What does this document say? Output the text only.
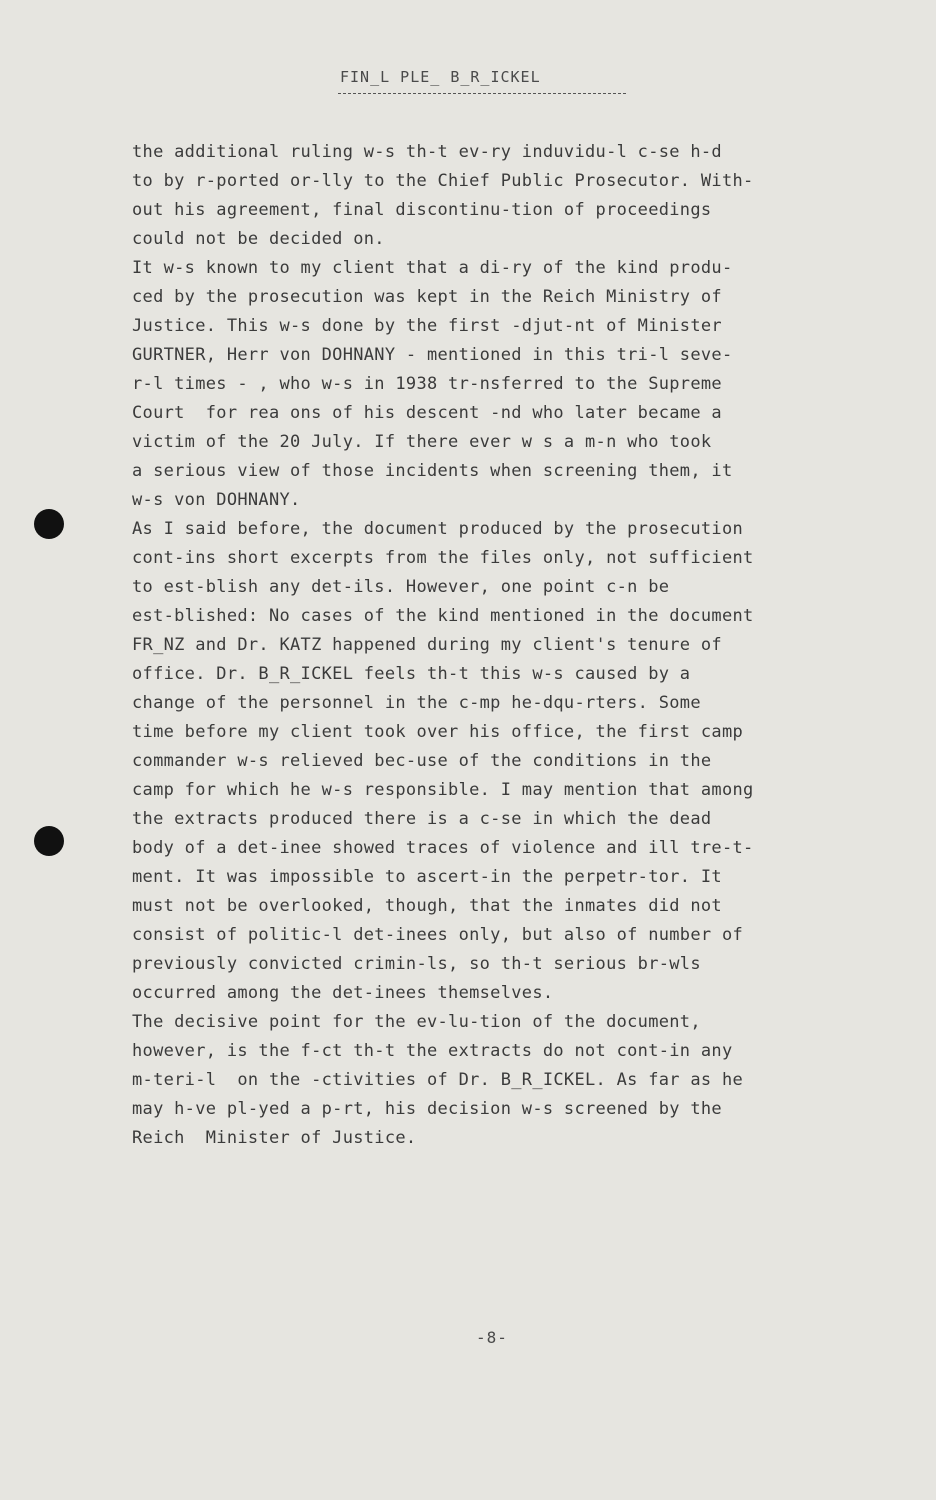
FIN_L PLE_ B_R_ICKEL
the additional ruling w-s th-t ev-ry induvidu-l c-se h-d
to by r-ported or-lly to the Chief Public Prosecutor. With-
out his agreement, final discontinu-tion of proceedings
could not be decided on.
It w-s known to my client that a di-ry of the kind produ-
ced by the prosecution was kept in the Reich Ministry of
Justice. This w-s done by the first -djut-nt of Minister
GURTNER, Herr von DOHNANY - mentioned in this tri-l seve-
r-l times - , who w-s in 1938 tr-nsferred to the Supreme
Court  for rea ons of his descent -nd who later became a
victim of the 20 July. If there ever w s a m-n who took
a serious view of those incidents when screening them, it
w-s von DOHNANY.
As I said before, the document produced by the prosecution
cont-ins short excerpts from the files only, not sufficient
to est-blish any det-ils. However, one point c-n be
est-blished: No cases of the kind mentioned in the document
FR_NZ and Dr. KATZ happened during my client's tenure of
office. Dr. B_R_ICKEL feels th-t this w-s caused by a
change of the personnel in the c-mp he-dqu-rters. Some
time before my client took over his office, the first camp
commander w-s relieved bec-use of the conditions in the
camp for which he w-s responsible. I may mention that among
the extracts produced there is a c-se in which the dead
body of a det-inee showed traces of violence and ill tre-t-
ment. It was impossible to ascert-in the perpetr-tor. It
must not be overlooked, though, that the inmates did not
consist of politic-l det-inees only, but also of number of
previously convicted crimin-ls, so th-t serious br-wls
occurred among the det-inees themselves.
The decisive point for the ev-lu-tion of the document,
however, is the f-ct th-t the extracts do not cont-in any
m-teri-l  on the -ctivities of Dr. B_R_ICKEL. As far as he
may h-ve pl-yed a p-rt, his decision w-s screened by the
Reich  Minister of Justice.
-8-
